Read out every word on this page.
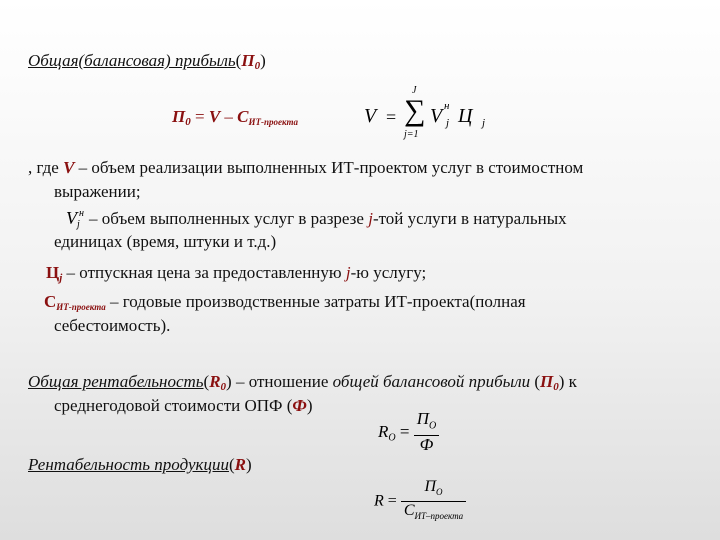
Общая(балансовая) $прибыль(П_0)$
$П_0 = V - C_{ИТ-проекта}$	V =
J
∑
j=1
V н
j Ц j
, где V – объем реализации выполненных ИТ-проектом услуг в стоимостном
выражении;
V $^н$j – объем выполненных услуг в разрезе j-той услуги в натуральных
единицах (время, штуки и т.д.)
$Ц_j$ – отпускная цена за предоставленную j-ю услугу;
$С_{ИТ-проекта}$ – годовые производственные затраты ИТ-проекта(полная
себестоимость).
Общая $рентабельность(R_0)$ – отношение общей балансовой прибыли $(П_0)$ к
среднегодовой стоимости ОПФ (Ф)
$R_O = \frac{П_O}{Ф}$
Рентабельность продукции(R)
$R = \frac{П_O}{C_{ИТ-проекта}}$
